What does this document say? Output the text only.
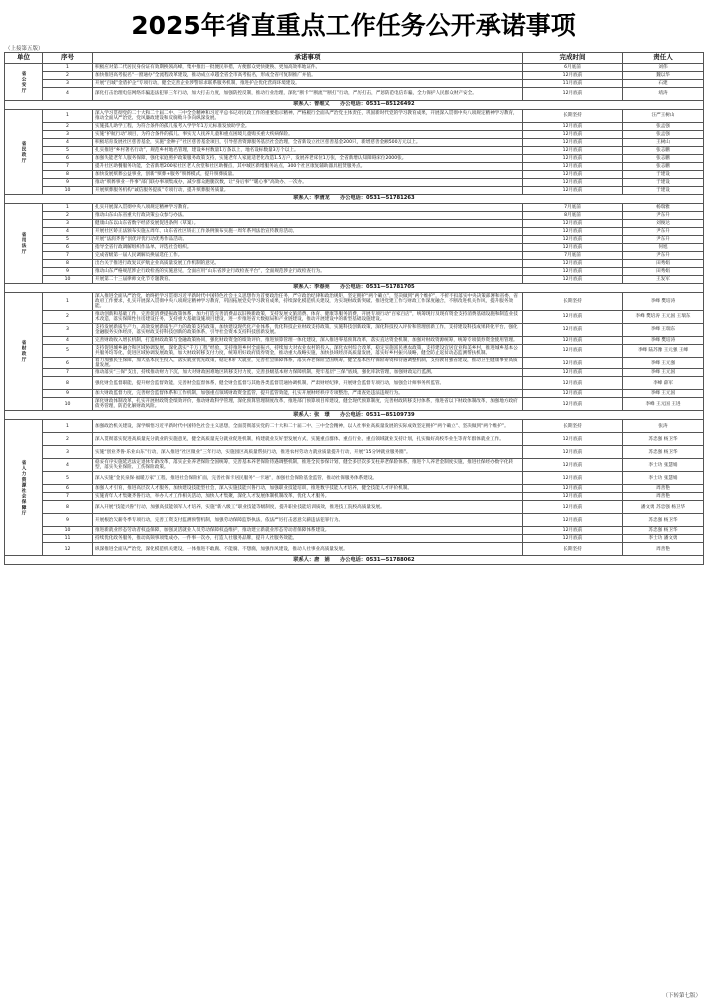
2025年省直重点工作任务公开承诺事项
（上接第五版）
单位	序号	承诺事项	完成时间	责任人
省公安厅	1	积极应对第二代居民身份证有效期换领高峰，集中推出一批便民举措，方便群众更快捷换、更加高效率地证件。	6月底前	刘伟
	2	加快推进高考报名“一窗通办”全流程改革建设，推动成立卓越全省全市高考报名，形成全省可复制推广并值。	12月底前	魏以华
	3	开展“百城”金盾护企“专项行动，健全完善企业涉警诉求联系服务机制，推进护企优化营商环境建设。	11月底前	石建
	4	深化打击治理电信网络诈骗违法犯罪三年行动，加大打击力度，加强防控反制，推动行业治理，深化“断卡”“断流”“断打”行动，严厉打击，严惩防范电信诈骗，全力保护人民群众财产安全。	12月底前	靖涛
联系人：曾维义　　办公电话：0531—85126492				
省民政厅	1	深入学习贯彻党的二十大和二十届二中、三中全会精神和习近平总书记对民政工作的重要指示精神，严格履行全面从严治党主体责任，巩固新时代党的学习教育成果，开展深入贯彻中央八项规定精神学习教育，推动全面从严治党、党风廉政建设和反腐败斗争向纵深发展。	长期坚持	汪严王树山
	2	实施孤儿助学工程，为符合条件的孤儿报考入学学年1万元标准发放助学金。	12月底前	张孟强
	3	实施“护航行动”项目，为符合条件的孤儿、事实无人抚养儿童和重点困境儿童购买重大疾病保险。	12月底前	张孟强
	4	积极培育发展社区慈善基金，实施“金种子”社区慈善基金项目，引导慈善资源服务基层社会治理，全省新设立社区慈善基金200只，新增慈善金额500万元以上。	12月底前	王树山
	5	扎实推进“乡村著名行动”，规范乡村地名管理，建设乡村数量1万条以上，地名设标数量3万个以上。	12月底前	张志鹏
	6	加强失能老年人服务保障，强化家庭照护政策服务政策支持，实施老年人家庭适老化改造1.5万户，发展养老床位1万张，全省新增认知障碍床位2000张。	12月底前	张志鹏
	7	提升社区助餐服务功能，全省新增200家社区老人食堂和社区助餐点，其中城区新增服务站点，300个社区康复辅助器具租赁服务点。	12月底前	张志鹏
	8	加快发展殡葬公益事业，创新“殡葬+服务”殡葬模式，提升殡葬质量。	12月底前	于建设
	9	推动“殡葬事业一件事”部门联办事项集成办，减少群众跑腿次数，让“身后事”“暖心事”高效办、一次办。	12月底前	于建设
	10	开展殡葬服务机构“诚信服务提质”专项行动，提升殡葬服务质量。	12月底前	于建设
联系人：李清龙　　办公电话：0531—51781263				
省司法厅	1	扎实开展深入贯彻中央八项规定精神学习教育。	7月底前	杨瑞雅
	2	推动山东山东省重大行政决策公众参与办法。	8月底前	尹东升
	3	健康山东以山东省数字经济发展促进条例（草案）。	12月底前	刘俊达
	4	开展社区矫正法颁布实施五周年、山东省社区矫正工作条例颁布实施一周年系列法治宣传教育活动。	12月底前	尹东升
	5	开展“法润齐鲁”创优评优行动优秀作品活动。	12月底前	尹东升
	6	指导全省行政调解组织作品单，评选社会组织。	12月底前	何旭
	7	完成省级第一届人民调解员换届选任工作。	7月底前	尹东升
	8	出台关于推进行政复议护航企业高质量发展工作机制的意见。	12月底前	田秀娟
	9	推动山东严格规范涉企行政检查的实施意见，全面应用“山东省涉企行政检查平台”，全面规范涉企行政检查行为。	12月底前	田秀娟
	10	开展第二十三届律师文化节专题教育。	12月底前	王发军
联系人：李春亮　　办公电话：0531—51781705				
省财政厅	1	深入推进全面从严治党，始终把学习贯彻习近平新时代中国特色社会主义思想作为首要政治任务，严守政治纪律和政治规矩，坚定拥护“两个确立”，坚决做到“两个维护”，不折不扣落实中央决策部署和省委、省政府工作要求，扎实开展深入贯彻中央八项规定精神学习教育，巩固拓展党史学习教育成果，持续深化模范机关建设，为实现财政新突破、推进党建工作与财政工作深度融合，不断改进机关作风，提升服务效能。	长期坚持	李峰 樊培涛
	2	推动创新和基础工作，完善促消费提振政策体系，加力打造完善消费品以旧换新政策，支持发展文旅消费、体育、健康等服务消费，开展专项行动“百家百店”，统筹现行及现有资金支持消费基础设施和制造业技术改造，落实保障性住房建设任务，支持重大基础设施项目建设，进一步推进省大数据局和产业链建设，推动开展建设中的新型基础设施建设。	12月底前	李峰 樊培涛 王元国 王瑞东
	3	支持发展新质生产力，高效发展新质生产力的政策支持政策，加快建设现代化产业体系，优化科技企业财政支持政策，实施科技创新政策，深化科技投入评价和管理创新工作，支持建设科技成果转化平台，强化金融服务实体经济，落实财政支持科技创新的政策体系，引导社会资本支持科技创新发展。	12月底前	李峰 王瑞东
	4	完善财政收入增长机制，打造财政政策与金融政策协同，强化财政资金的绩效评价，推进预算管理一体化建设，深入推进零基预算改革，落实直达资金机制，加强对财政资源统筹，统筹专项债券资金使用管理。	12月底前	李峰 樊培涛
	5	支持促进城乡融合和区域协调发展，深化落实“千万工程”经验，支持推进乡村全面振兴，持续加大对农业农村的投入，深化农村综合改革，稳定实施富民惠农政策，支持建设宜居宜业和美乡村，推进城乡基本公共服务均等化，促进区域协调发展政策，加大财政转移支付力度，统筹用好政府债券资金，推动重大战略实施，加快县域经济高质量发展，落实好乡村振兴战略，健全防止返贫动态监测帮扶机制。	12月底前	李峰 陆苏豫 王元强 王峰
	6	着力加强民生保障，加大基本民生投入，落实就业优先政策，稳定和扩大就业，完善社会保障体系，落实养老保险全国统筹，健全基本医疗保险筹资和待遇调整机制，支持教育强省建设，推动卫生健康事业高质量发展。	12月底前	李峰 王元强
	7	推动落实“三保”支出，持续推动财力下沉，加大对财政困难地区转移支付力度，完善县级基本财力保障机制，兜牢基层“三保”底线，强化库款管理，加强财政运行监测。	12月底前	李峰 王元国
	8	强化财会监督职能，提升财会监督效能，完善财会监督体系，健全财会监督与其他各类监督贯通协调机制，严肃财经纪律，开展财会监督专项行动，加强会计师事务所监管。	12月底前	李峰 薛军
	9	加大财政监督力度，完善财会监督体系和工作机制，加强重点领域财政资金监管，提升监管效能，扎实开展财经秩序专项整治，严肃查处违法违规行为。	12月底前	李峰 王元国
	10	深化财政体制改革，扎实开展财政资金绩效评价，推动财政科学管理，深化预算管理制度改革，推进部门预算项目库建设，健全现代预算制度，完善财政转移支付体系，推进省以下财政体制改革，加强地方政府债务管理，防范化解财政风险。	12月底前	李峰 王元国 王进
联系人：张　璟　　办公电话：0531—85109739				
省人力资源社会保障厅	1	加强政治机关建设，深学细悟习近平新时代中国特色社会主义思想，全面贯彻落实党的二十大和二十届二中、三中全会精神，以人社事业高质量发展的实际成效坚定拥护“两个确立”、坚决做到“两个维护”。	长期坚持	张涛
	2	深入贯彻落实促进高质量充分就业的实施意见，健全高质量充分就业促进机制，构建就业友好型发展方式，实施重点群体、重点行业、重点领域就业支持计划，扎实做好高校毕业生等青年群体就业工作。	12月底前	苏忠强 杨卫华
	3	实施“创业齐鲁·乐业山东”行动，深入推进“社区微业”三年行动，实施园区高质量帮扶行动，推进农村劳动力就业质量提升行动，开展“15分钟就业服务圈”。	12月底前	苏忠强 杨卫华
	4	稳妥有序实施延迟法定退休年龄改革，落实企业养老保险全国统筹，完善基本养老保险待遇调整机制，推进全民参保计划，健全多层次多支柱养老保险体系，推进个人养老金制度实施，推进社保经办数字化转型，落实失业保险、工伤保险政策。	12月底前	李士功 张慧娟
	5	深入实施“金民泉保·福暖万家”工程，推进社会保险扩面，完善社保卡居民服务“一卡通”，加强社会保险基金监管，推动社保服务体系建设。	12月底前	李士功 张慧娟
	6	加强人才引育，推进高层次人才服务，加快建设技能型社会，深入实施技能兴鲁行动，加强职业技能培训，推进数字技能人才培养，健全技能人才评价机制。	12月底前	周善艳
	7	实施青年人才集聚齐鲁行动，举办人才工作相关活动，加快人才集聚，深化人才发展体制机制改革，优化人才服务。	12月底前	周善艳
	8	深入开展“技能兴鲁”行动，加强高技能领军人才培养，实施“新八级工”职业技能等级制度，提升职业技能培训质效，推进技工院校高质量发展。	12月底前	潘文勇 苏忠强 杨卫华
	9	开展根治欠薪冬季专项行动，完善工资支付监测预警机制，加强劳动保障监察执法，依法严厉打击恶意欠薪违法犯罪行为。	12月底前	苏忠强 杨卫华
	10	推进新就业形态劳动者权益保障，加强灵活就业人员劳动保障权益维护，推动建立新就业形态劳动者保障体系建设。	12月底前	苏忠强 杨卫华
	11	持续优化政务服务，推动高频事项集成办、一件事一次办，打造人社服务品牌，提升人社服务效能。	12月底前	李士功 潘文勇
	12	纵深推进全面从严治党，深化模范机关建设，一体推进不敢腐、不能腐、不想腐，加强作风建设，推动人社事业高质量发展。	长期坚持	周善艳
联系人：唐　娟　　办公电话：0531—51788062				
（下转第七版）
